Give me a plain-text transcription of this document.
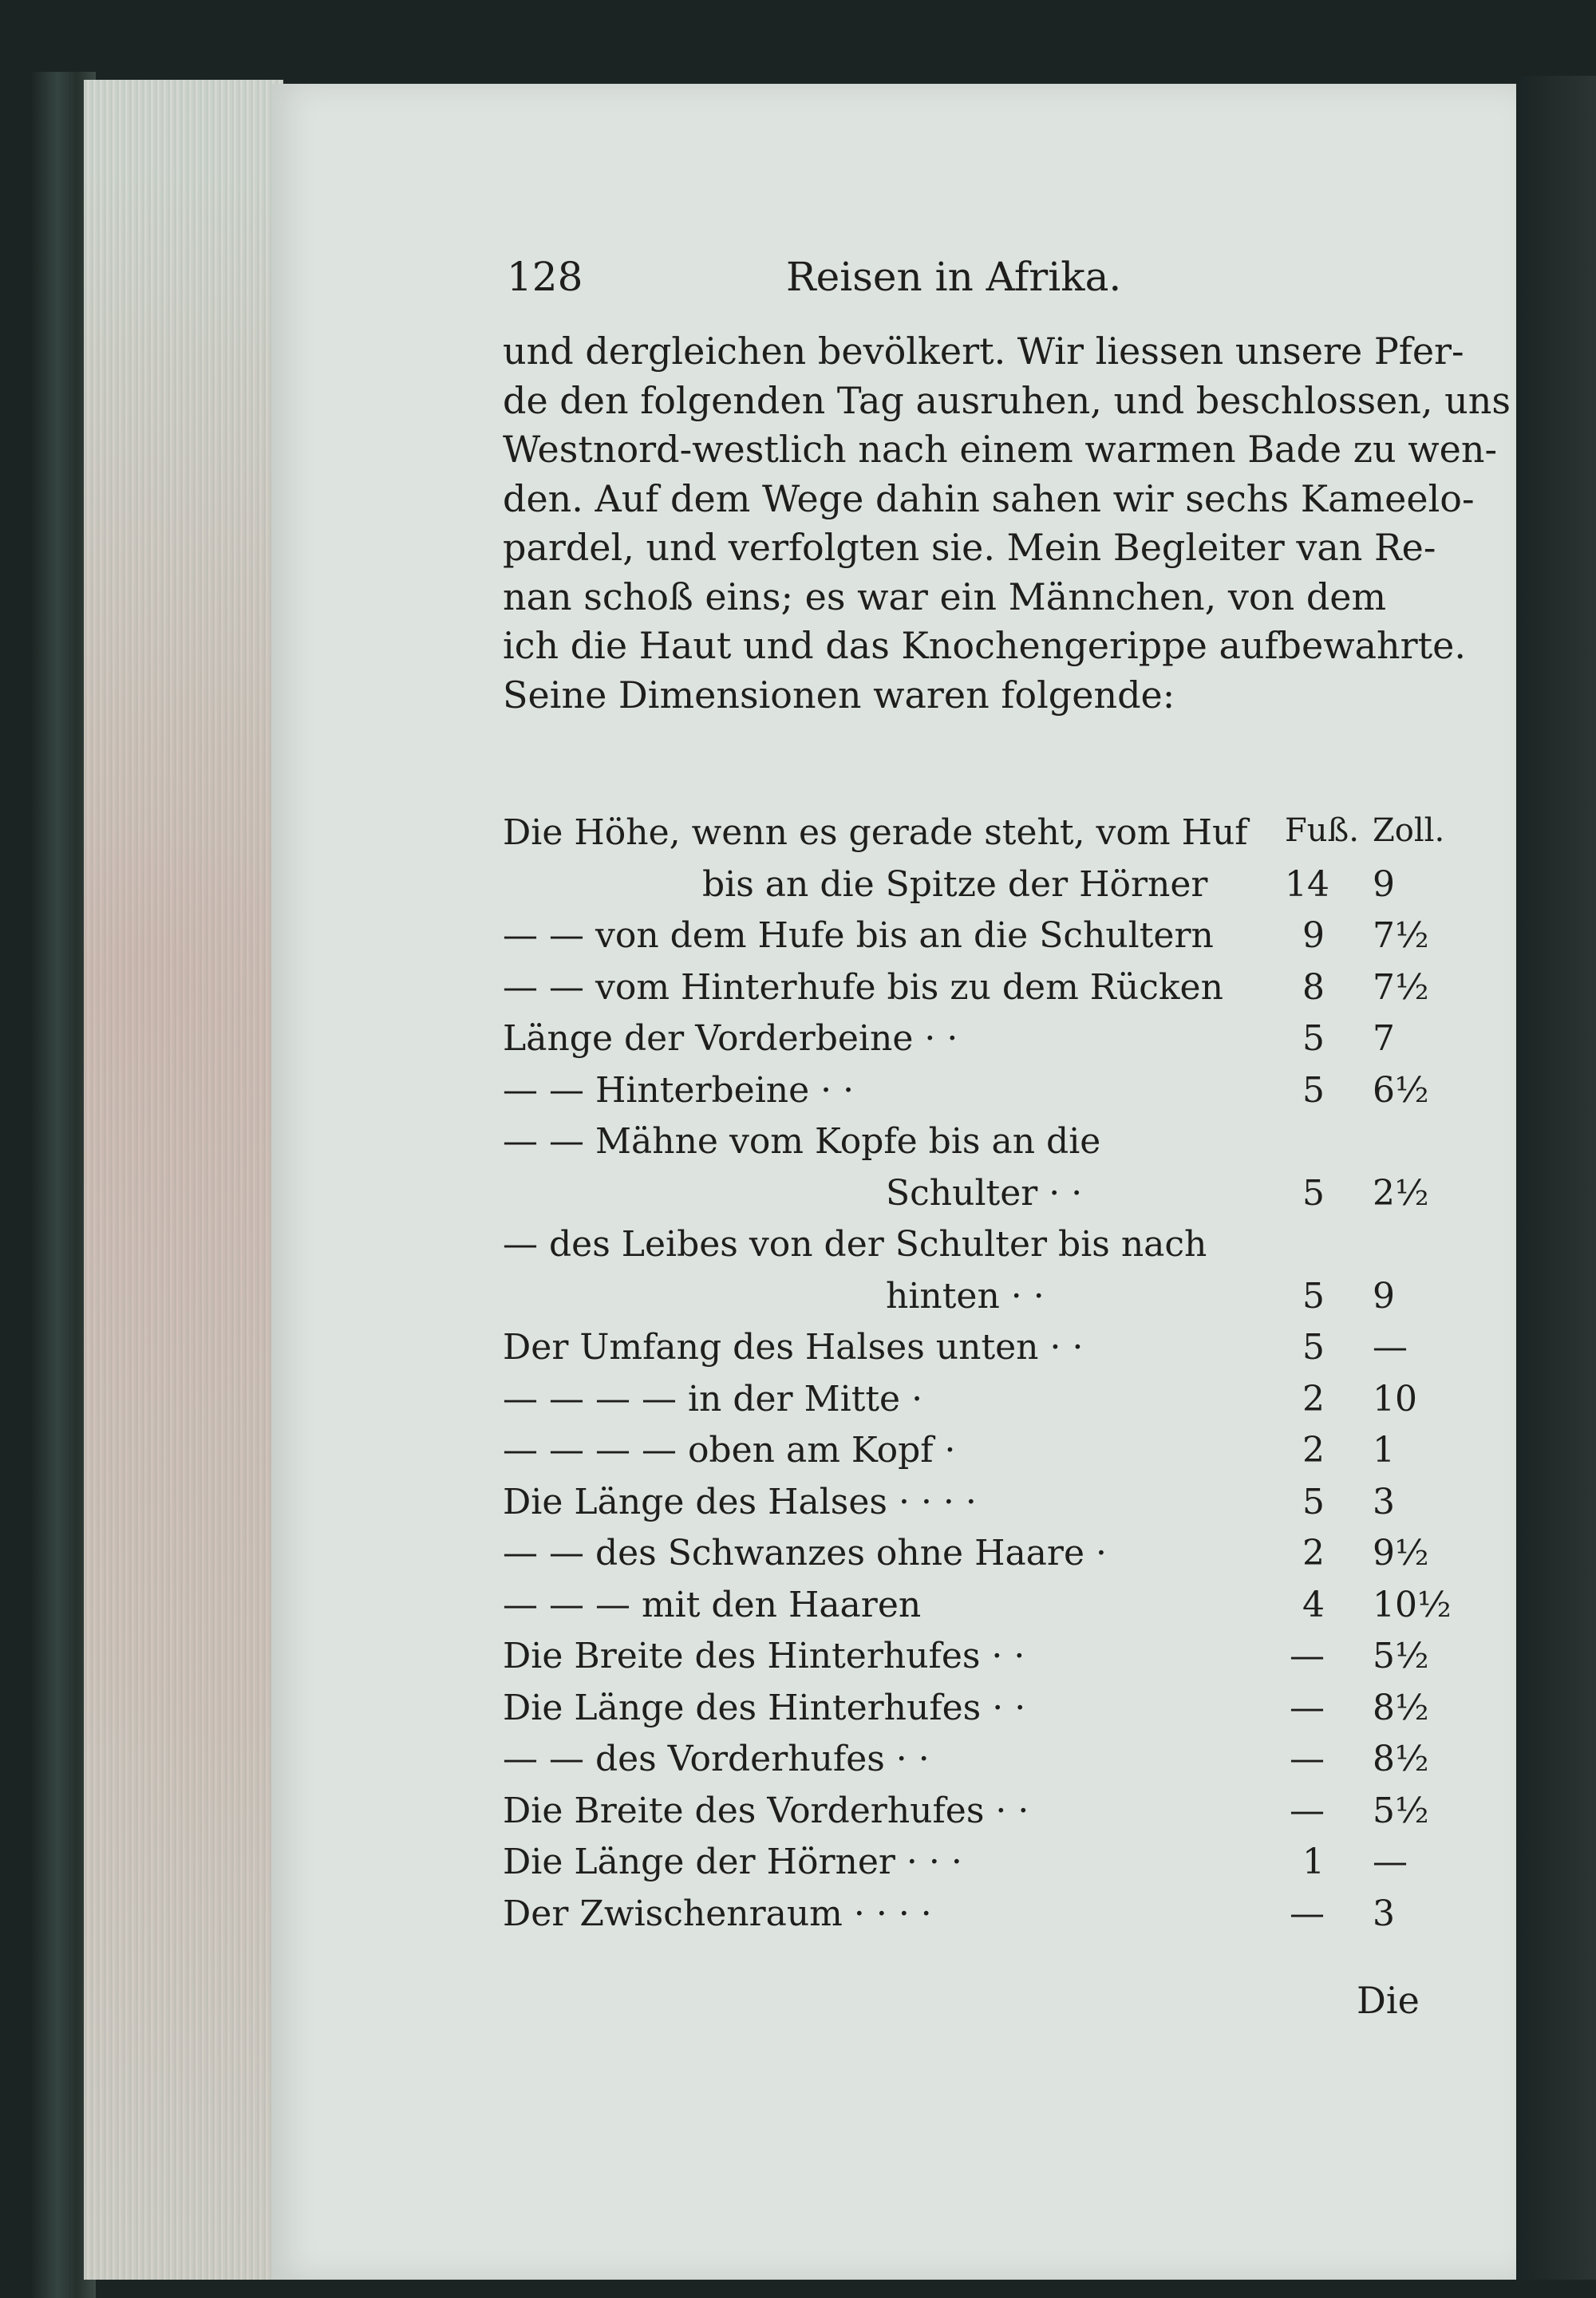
128	Reisen in Afrika.

und dergleichen bevölkert. Wir liessen unsere Pfer-

de den folgenden Tag ausruhen, und beschlossen, uns

Westnord-westlich nach einem warmen Bade zu wen-

den. Auf dem Wege dahin sahen wir sechs Kameelo-

pardel, und verfolgten sie. Mein Begleiter van Re-

nan schoß eins; es war ein Männchen, von dem

ich die Haut und das Knochengerippe aufbewahrte.

Seine Dimensionen waren folgende:

Die Höhe, wenn es gerade steht, vom Huf Fuß. Zoll.
bis an die Spitze der Hörner 14 9
— — von dem Hufe bis an die Schultern	9 7½
— — vom Hinterhufe bis zu dem Rücken	8 7½
Länge der Vorderbeine · ·	5 7
— — Hinterbeine · ·	5 6½
— — Mähne vom Kopfe bis an die
Schulter · ·	5 2½
— des Leibes von der Schulter bis nach
hinten · ·	5 9
Der Umfang des Halses unten · ·	5 —
— — — — in der Mitte ·	2 10
— — — — oben am Kopf ·	2 1
Die Länge des Halses · · · ·	5 3
— — des Schwanzes ohne Haare ·	2 9½
— — — mit den Haaren	4 10½
Die Breite des Hinterhufes · ·	— 5½
Die Länge des Hinterhufes · ·	— 8½
— — des Vorderhufes · ·	— 8½
Die Breite des Vorderhufes · ·	— 5½
Die Länge der Hörner · · ·	1 —
Der Zwischenraum · · · ·	— 3
Die
